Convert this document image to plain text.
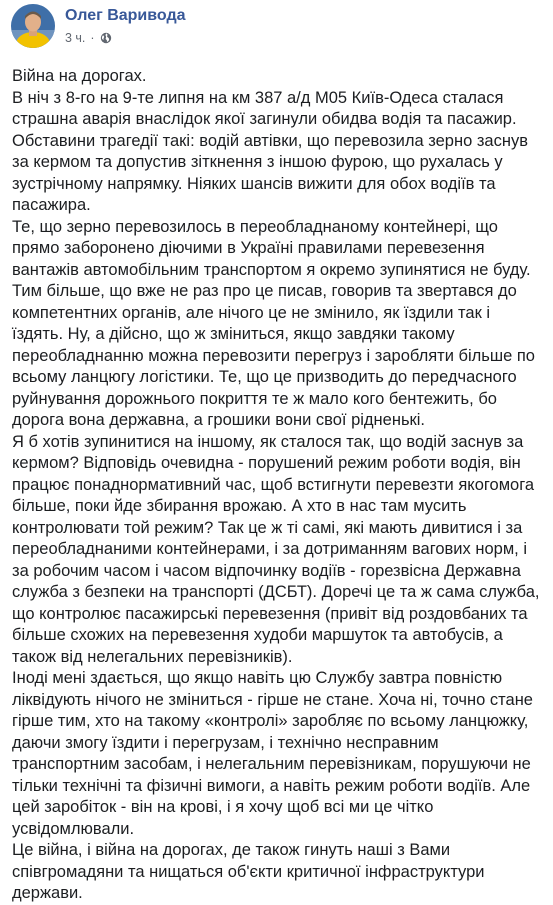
Олег Варивода
3 ч. ·

Війна на дорогах.

В ніч з 8-го на 9-те липня на км 387 а/д М05 Київ-Одеса сталася страшна аварія внаслідок якої загинули обидва водія та пасажир.

Обставини трагедії такі: водій автівки, що перевозила зерно заснув за кермом та допустив зіткнення з іншою фурою, що рухалась у зустрічному напрямку. Ніяких шансів вижити для обох водіїв та пасажира.

Те, що зерно перевозилось в переобладнаному контейнері, що прямо заборонено діючими в Україні правилами перевезення вантажів автомобільним транспортом я окремо зупинятися не буду. Тим більше, що вже не раз про це писав, говорив та звертався до компетентних органів, але нічого це не змінило, як їздили так і їздять. Ну, а дійсно, що ж зміниться, якщо завдяки такому переобладнанню можна перевозити перегруз і заробляти більше по всьому ланцюгу логістики. Те, що це призводить до передчасного руйнування дорожнього покриття те ж мало кого бентежить, бо дорога вона державна, а грошики вони свої рідненькі.

Я б хотів зупинитися на іншому, як сталося так, що водій заснув за кермом? Відповідь очевидна - порушений режим роботи водія, він працює понаднормативний час, щоб встигнути перевезти якогомога більше, поки йде збирання врожаю. А хто в нас там мусить контролювати той режим? Так це ж ті самі, які мають дивитися і за переобладнаними контейнерами, і за дотриманням вагових норм, і за робочим часом і часом відпочинку водіїв - горезвісна Державна служба з безпеки на транспорті (ДСБТ). Доречі це та ж сама служба, що контролює пасажирські перевезення (привіт від роздовбаних та більше схожих на перевезення худоби маршуток та автобусів, а також від нелегальних перевізників).

Іноді мені здається, що якщо навіть цю Службу завтра повністю ліквідують нічого не зміниться - гірше не стане. Хоча ні, точно стане гірше тим, хто на такому «контролі» заробляє по всьому ланцюжку, даючи змогу їздити і перегрузам, і технічно несправним транспортним засобам, і нелегальним перевізникам, порушуючи не тільки технічні та фізичні вимоги, а навіть режим роботи водіїв. Але цей заробіток - він на крові, і я хочу щоб всі ми це чітко усвідомлювали.

Це війна, і війна на дорогах, де також гинуть наші з Вами співгромадяни та нищаться об'єкти критичної інфраструктури держави.
